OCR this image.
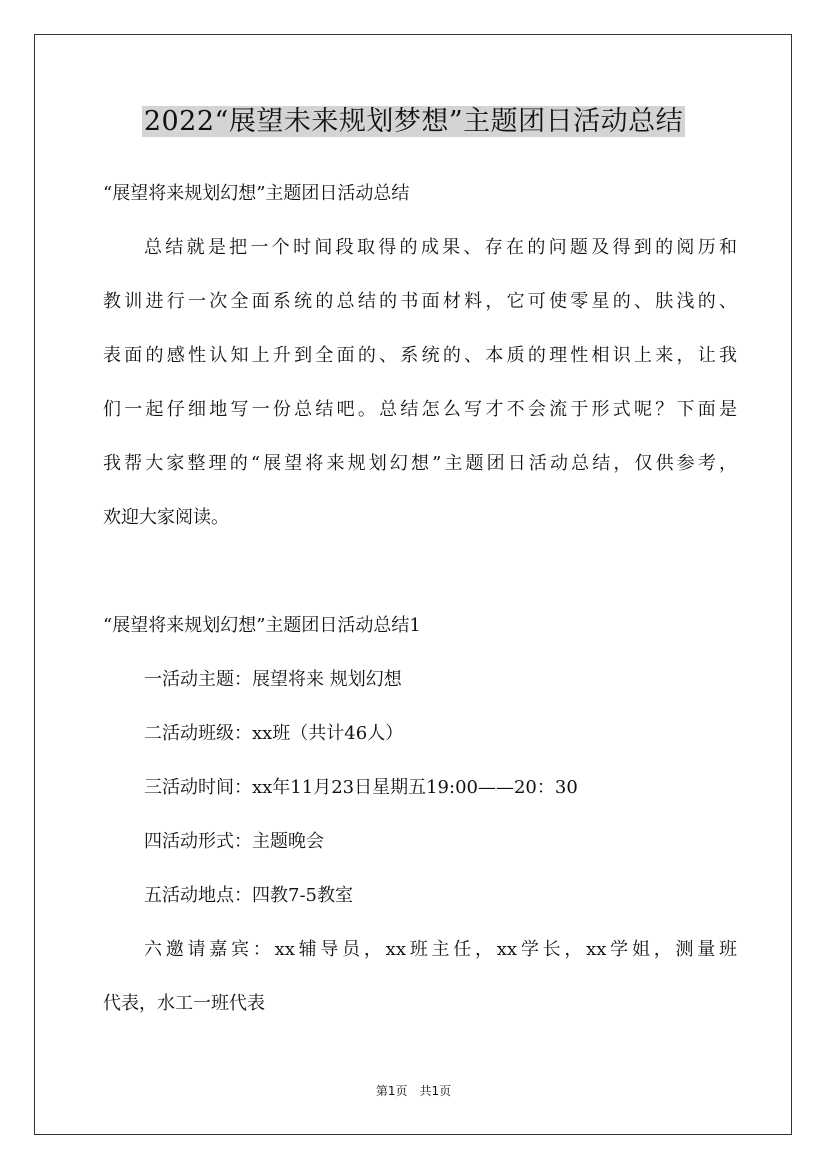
2022“展望未来规划梦想”主题团日活动总结
“展望将来规划幻想”主题团日活动总结
总结就是把一个时间段取得的成果、存在的问题及得到的阅历和
教训进行一次全面系统的总结的书面材料，它可使零星的、肤浅的、
表面的感性认知上升到全面的、系统的、本质的理性相识上来，让我
们一起仔细地写一份总结吧。总结怎么写才不会流于形式呢？下面是
我帮大家整理的“展望将来规划幻想”主题团日活动总结，仅供参考，
欢迎大家阅读。
“展望将来规划幻想”主题团日活动总结1
一活动主题：展望将来 规划幻想
二活动班级：xx班（共计46人）
三活动时间：xx年11月23日星期五19:00——20：30
四活动形式：主题晚会
五活动地点：四教7-5教室
六邀请嘉宾：xx辅导员，xx班主任，xx学长，xx学姐，测量班
代表，水工一班代表
第1页　共1页
